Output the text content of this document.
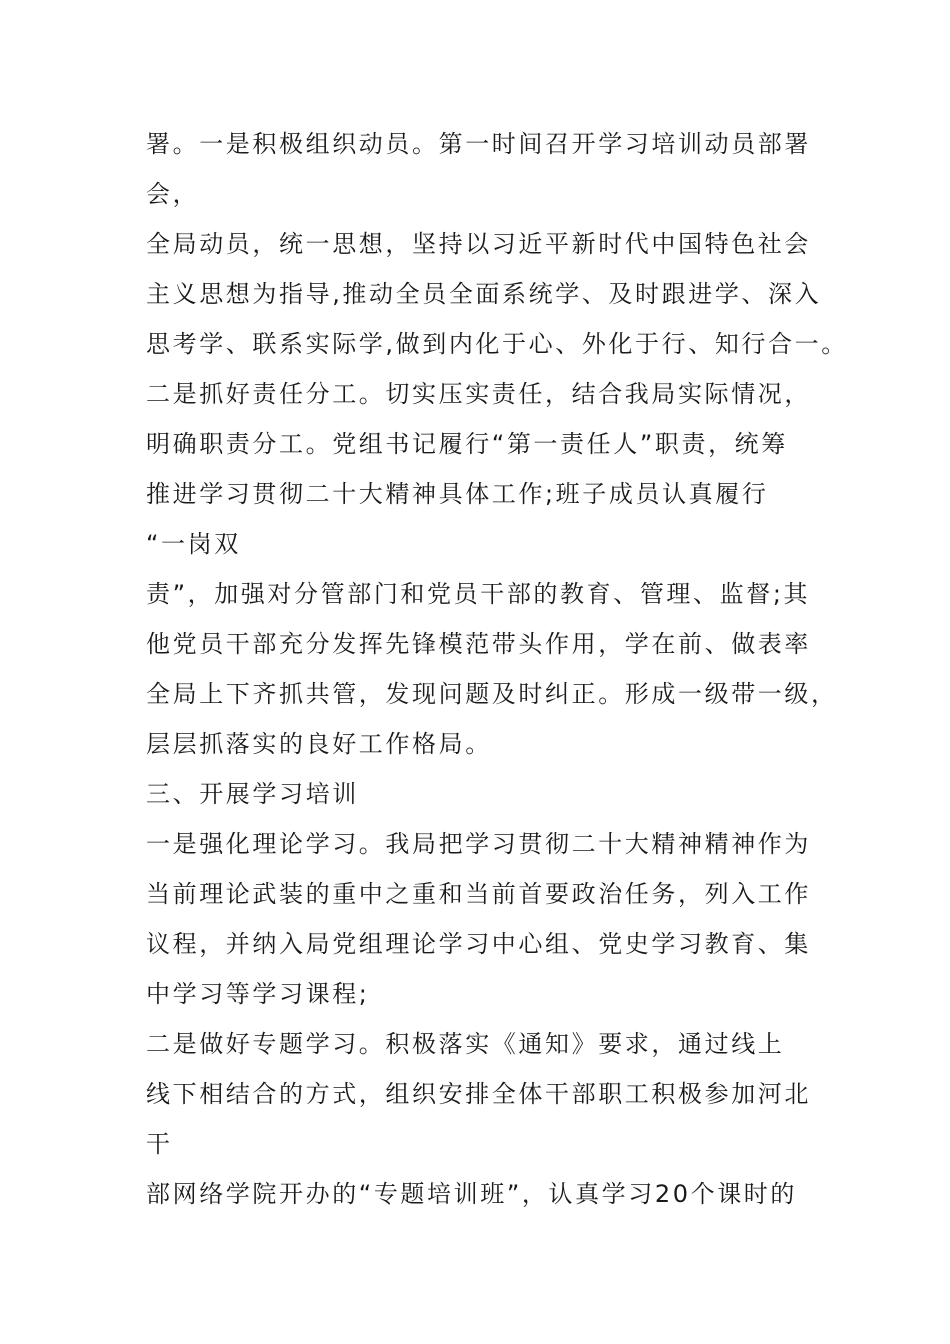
署。一是积极组织动员。第一时间召开学习培训动员部署
会，
全局动员，统一思想，坚持以习近平新时代中国特色社会
主义思想为指导,推动全员全面系统学、及时跟进学、深入
思考学、联系实际学,做到内化于心、外化于行、知行合一。
二是抓好责任分工。切实压实责任，结合我局实际情况，
明确职责分工。党组书记履行“第一责任人”职责，统筹
推进学习贯彻二十大精神具体工作;班子成员认真履行
“一岗双
责”，加强对分管部门和党员干部的教育、管理、监督;其
他党员干部充分发挥先锋模范带头作用，学在前、做表率
全局上下齐抓共管，发现问题及时纠正。形成一级带一级，
层层抓落实的良好工作格局。
三、开展学习培训
一是强化理论学习。我局把学习贯彻二十大精神精神作为
当前理论武装的重中之重和当前首要政治任务，列入工作
议程，并纳入局党组理论学习中心组、党史学习教育、集
中学习等学习课程;
二是做好专题学习。积极落实《通知》要求，通过线上
线下相结合的方式，组织安排全体干部职工积极参加河北
干
部网络学院开办的“专题培训班”，认真学习20个课时的
